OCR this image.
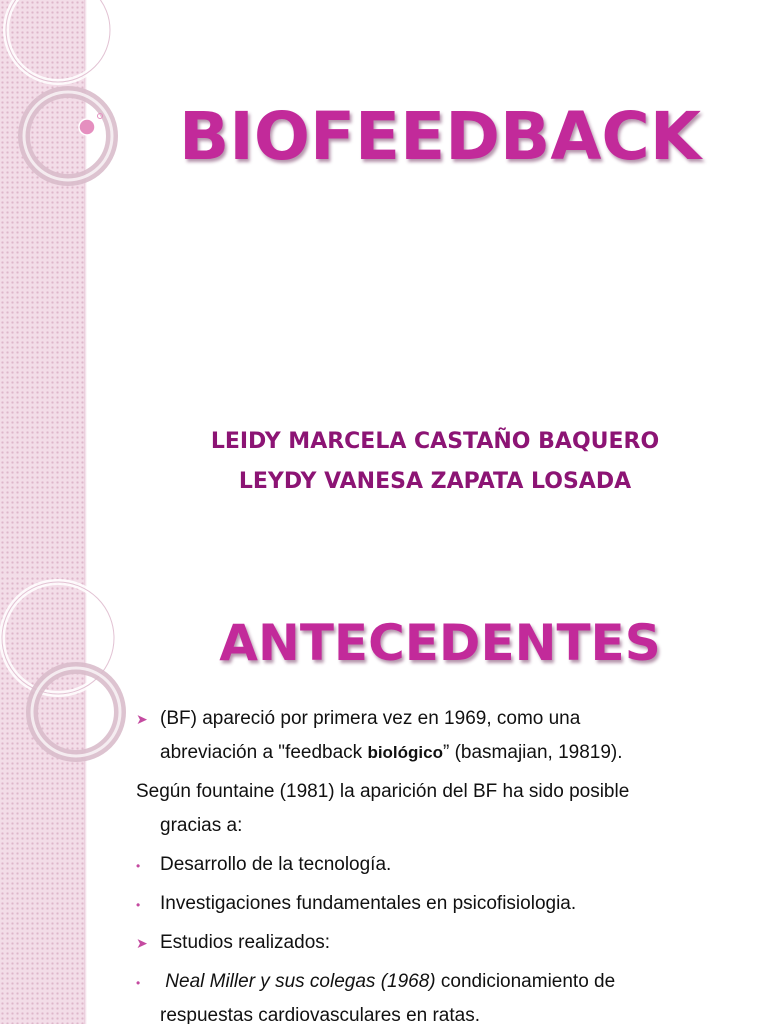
BIOFEEDBACK
LEIDY MARCELA CASTAÑO BAQUERO
LEYDY VANESA ZAPATA LOSADA
ANTECEDENTES
➤ (BF) apareció por primera vez en 1969, como una
abreviación a "feedback biológico” (basmajian, 19819).
Según fountaine (1981) la aparición del BF ha sido posible
gracias a:
•	Desarrollo de la tecnología.
•	Investigaciones fundamentales en psicofisiologia.
➤ Estudios realizados:
•	Neal Miller y sus colegas (1968) condicionamiento de
respuestas cardiovasculares en ratas.
